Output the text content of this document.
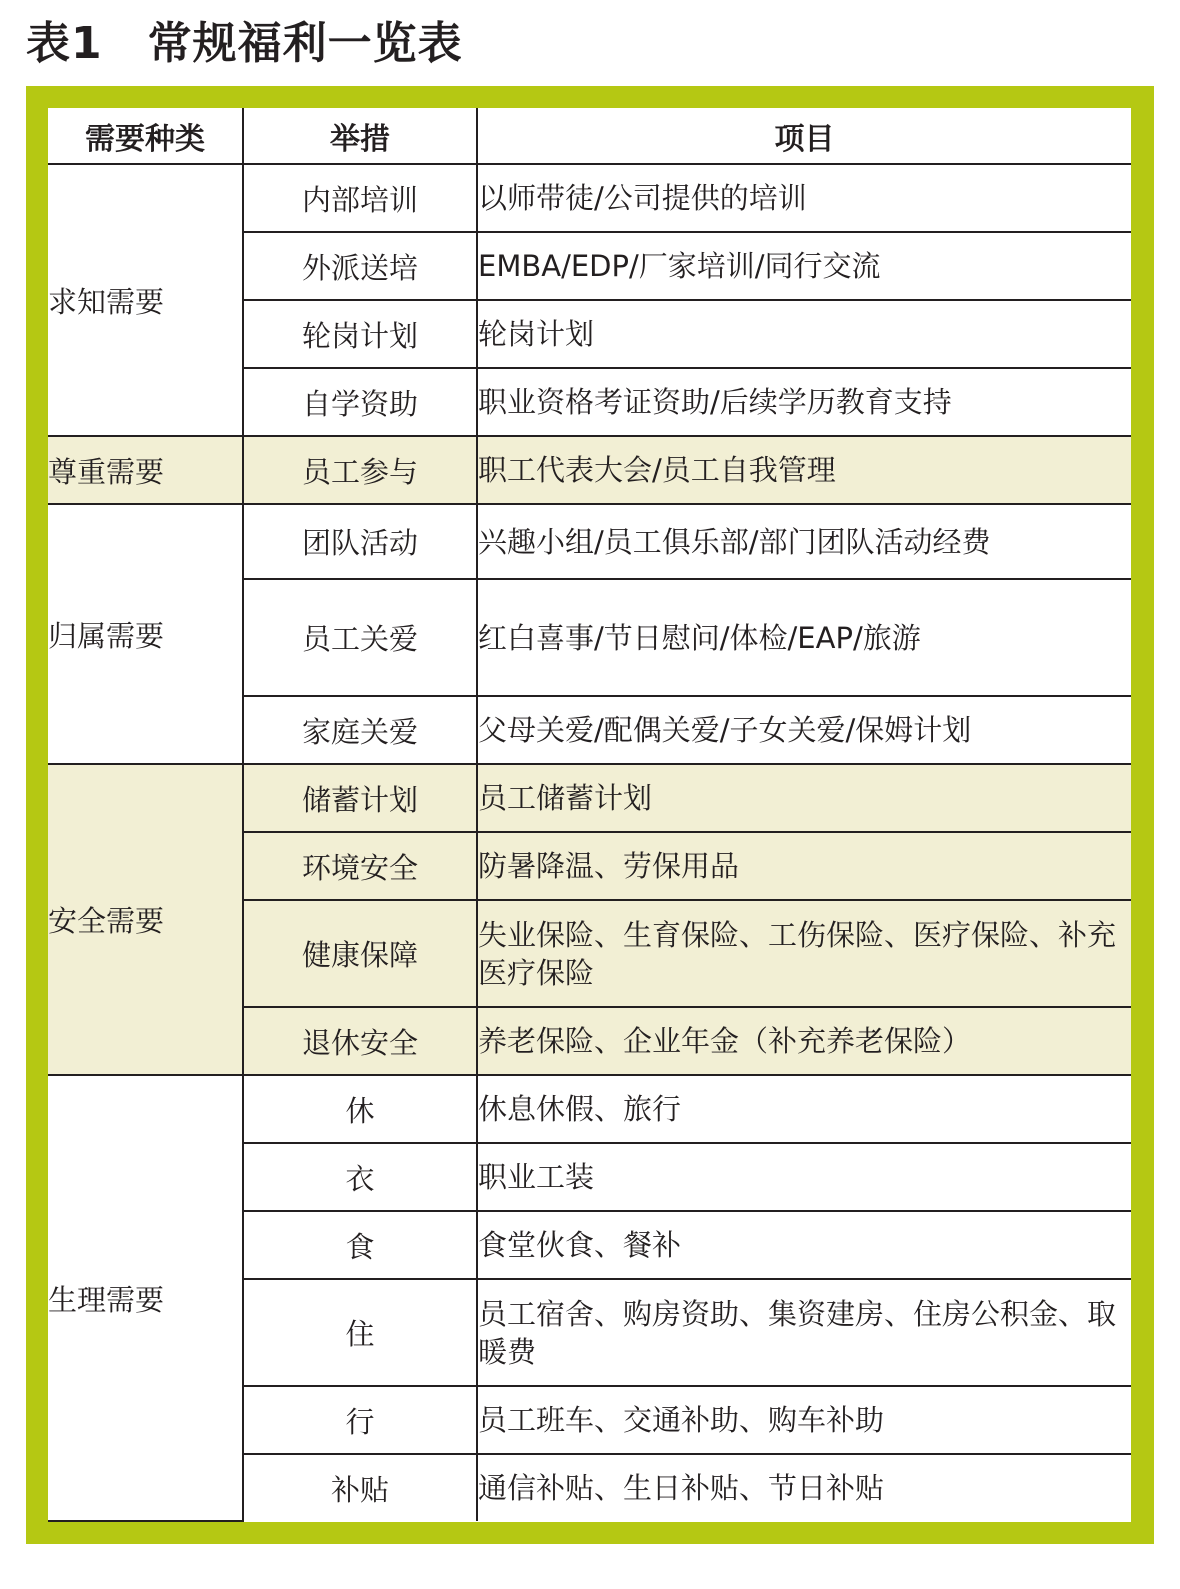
表1　常规福利一览表
需要种类	举措	项目
求知需要	内部培训	以师带徒/公司提供的培训
	外派送培	EMBA/EDP/厂家培训/同行交流
	轮岗计划	轮岗计划
	自学资助	职业资格考证资助/后续学历教育支持
尊重需要	员工参与	职工代表大会/员工自我管理
归属需要	团队活动	兴趣小组/员工俱乐部/部门团队活动经费
	员工关爱	红白喜事/节日慰问/体检/EAP/旅游
	家庭关爱	父母关爱/配偶关爱/子女关爱/保姆计划
安全需要	储蓄计划	员工储蓄计划
	环境安全	防暑降温、劳保用品
	健康保障	失业保险、生育保险、工伤保险、医疗保险、补充医疗保险
	退休安全	养老保险、企业年金（补充养老保险）
生理需要	休	休息休假、旅行
	衣	职业工装
	食	食堂伙食、餐补
	住	员工宿舍、购房资助、集资建房、住房公积金、取暖费
	行	员工班车、交通补助、购车补助
	补贴	通信补贴、生日补贴、节日补贴
